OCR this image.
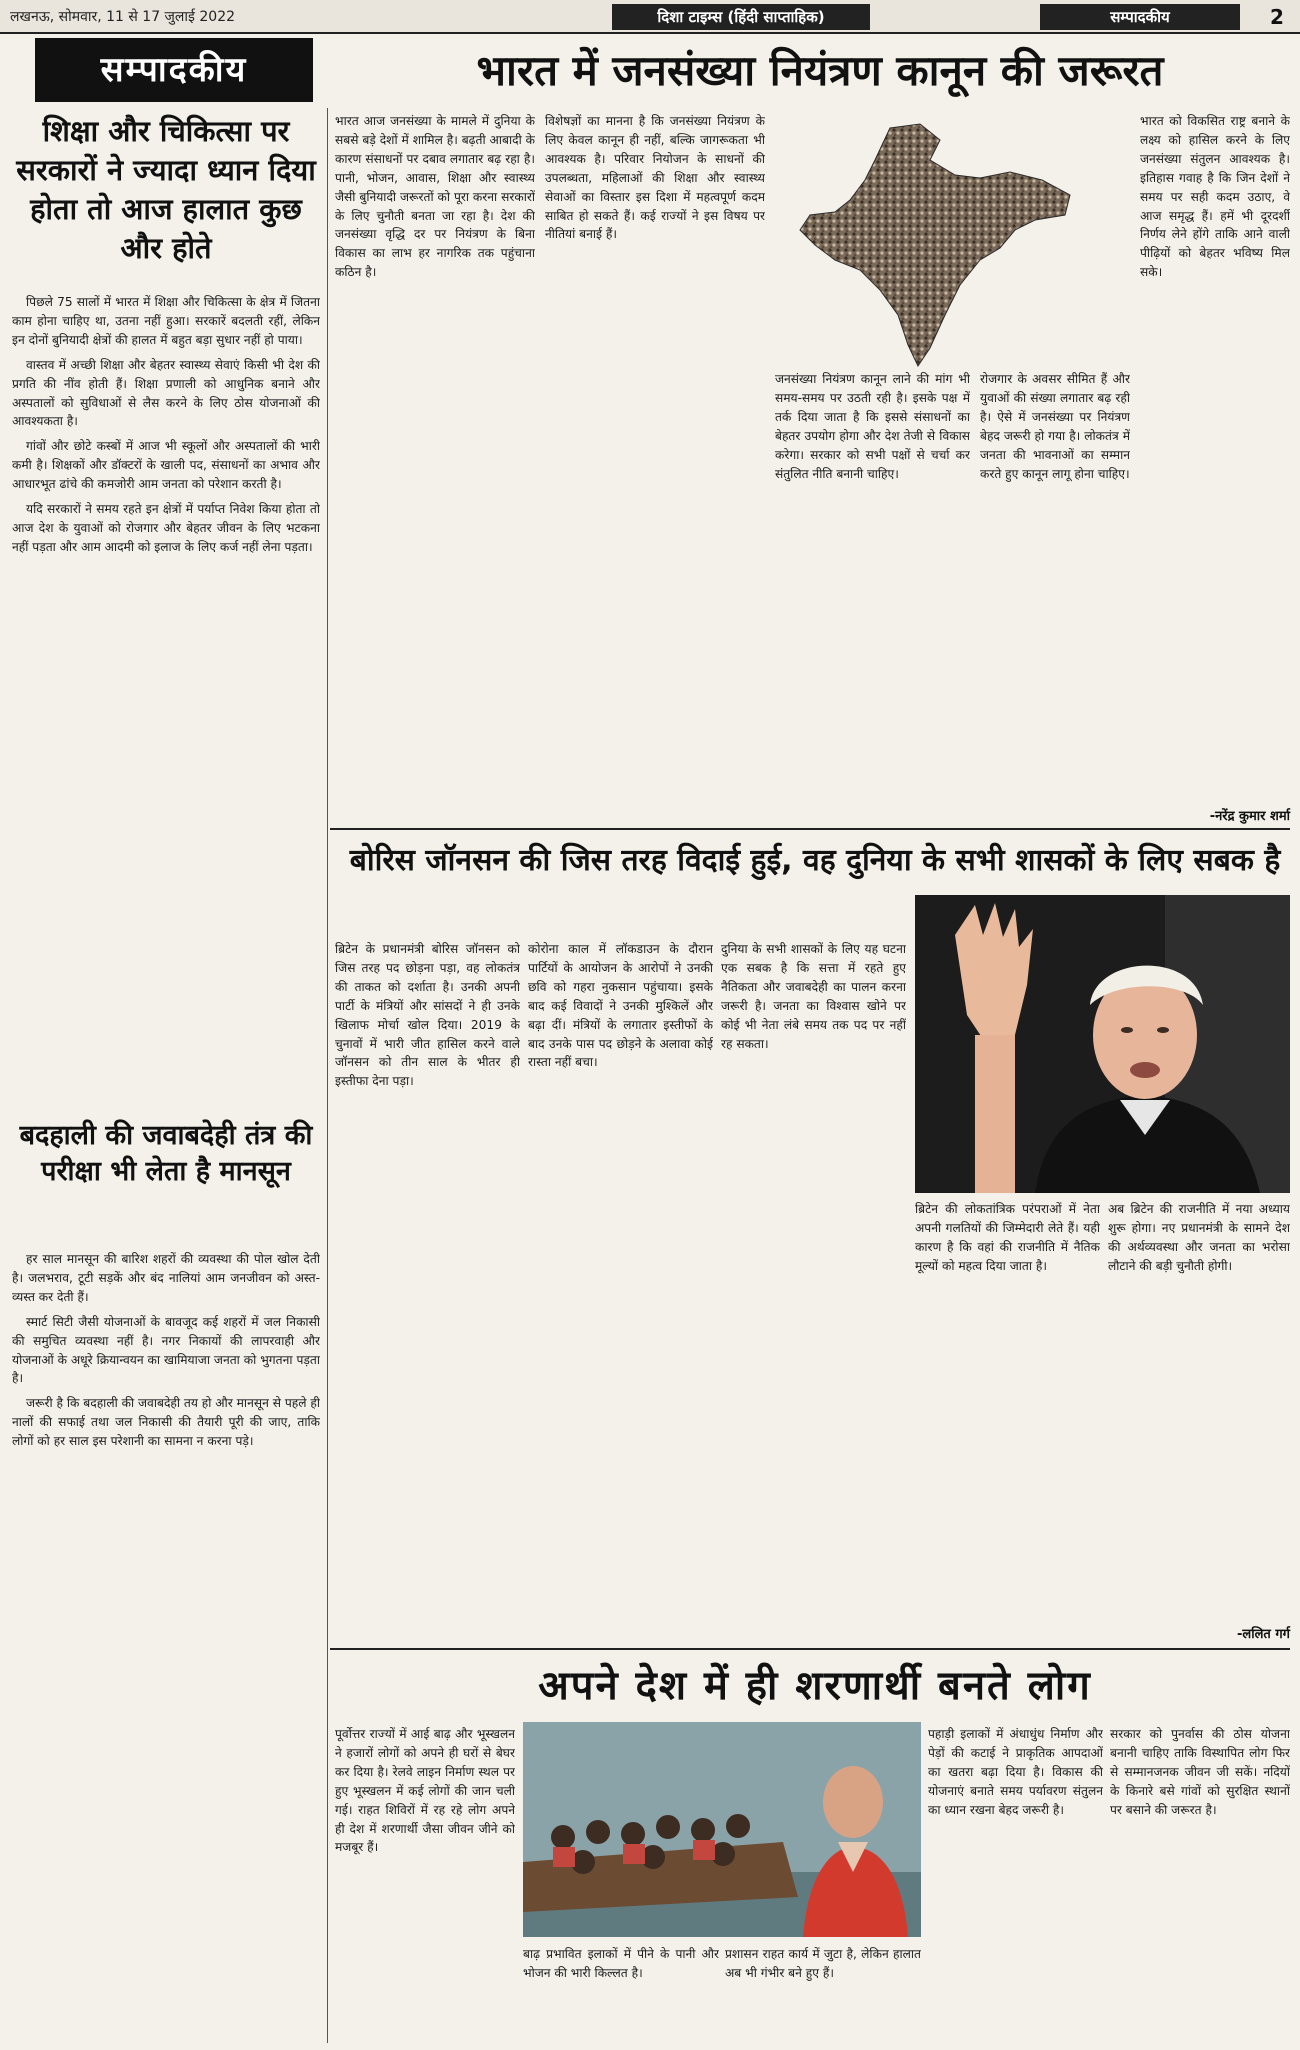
लखनऊ, सोमवार, 11 से 17 जुलाई 2022	दिशा टाइम्स (हिंदी साप्ताहिक)	सम्पादकीय	2
सम्पादकीय	भारत में जनसंख्या नियंत्रण कानून की जरूरत
शिक्षा और चिकित्सा पर सरकारों ने ज्यादा ध्यान दिया होता तो आज हालात कुछ और होते

पिछले 75 सालों में भारत में शिक्षा और चिकित्सा के क्षेत्र में जितना काम होना चाहिए था, उतना नहीं हुआ। सरकारें बदलती रहीं, लेकिन इन दोनों बुनियादी क्षेत्रों की हालत में बहुत बड़ा सुधार नहीं हो पाया।

वास्तव में अच्छी शिक्षा और बेहतर स्वास्थ्य सेवाएं किसी भी देश की प्रगति की नींव होती हैं। शिक्षा प्रणाली को आधुनिक बनाने और अस्पतालों को सुविधाओं से लैस करने के लिए ठोस योजनाओं की आवश्यकता है।

गांवों और छोटे कस्बों में आज भी स्कूलों और अस्पतालों की भारी कमी है। शिक्षकों और डॉक्टरों के खाली पद, संसाधनों का अभाव और आधारभूत ढांचे की कमजोरी आम जनता को परेशान करती है।

यदि सरकारों ने समय रहते इन क्षेत्रों में पर्याप्त निवेश किया होता तो आज देश के युवाओं को रोजगार और बेहतर जीवन के लिए भटकना नहीं पड़ता और आम आदमी को इलाज के लिए कर्ज नहीं लेना पड़ता।

बदहाली की जवाबदेही तंत्र की परीक्षा भी लेता है मानसून

हर साल मानसून की बारिश शहरों की व्यवस्था की पोल खोल देती है। जलभराव, टूटी सड़कें और बंद नालियां आम जनजीवन को अस्त-व्यस्त कर देती हैं।

स्मार्ट सिटी जैसी योजनाओं के बावजूद कई शहरों में जल निकासी की समुचित व्यवस्था नहीं है। नगर निकायों की लापरवाही और योजनाओं के अधूरे क्रियान्वयन का खामियाजा जनता को भुगतना पड़ता है।

जरूरी है कि बदहाली की जवाबदेही तय हो और मानसून से पहले ही नालों की सफाई तथा जल निकासी की तैयारी पूरी की जाए, ताकि लोगों को हर साल इस परेशानी का सामना न करना पड़े।

भारत आज जनसंख्या के मामले में दुनिया के सबसे बड़े देशों में शामिल है। बढ़ती आबादी के कारण संसाधनों पर दबाव लगातार बढ़ रहा है। पानी, भोजन, आवास, शिक्षा और स्वास्थ्य जैसी बुनियादी जरूरतों को पूरा करना सरकारों के लिए चुनौती बनता जा रहा है। देश की जनसंख्या वृद्धि दर पर नियंत्रण के बिना विकास का लाभ हर नागरिक तक पहुंचाना कठिन है।
विशेषज्ञों का मानना है कि जनसंख्या नियंत्रण के लिए केवल कानून ही नहीं, बल्कि जागरूकता भी आवश्यक है। परिवार नियोजन के साधनों की उपलब्धता, महिलाओं की शिक्षा और स्वास्थ्य सेवाओं का विस्तार इस दिशा में महत्वपूर्ण कदम साबित हो सकते हैं। कई राज्यों ने इस विषय पर नीतियां बनाई हैं।
जनसंख्या नियंत्रण कानून लाने की मांग भी समय-समय पर उठती रही है। इसके पक्ष में तर्क दिया जाता है कि इससे संसाधनों का बेहतर उपयोग होगा और देश तेजी से विकास करेगा। सरकार को सभी पक्षों से चर्चा कर संतुलित नीति बनानी चाहिए।
रोजगार के अवसर सीमित हैं और युवाओं की संख्या लगातार बढ़ रही है। ऐसे में जनसंख्या पर नियंत्रण बेहद जरूरी हो गया है। लोकतंत्र में जनता की भावनाओं का सम्मान करते हुए कानून लागू होना चाहिए।
भारत को विकसित राष्ट्र बनाने के लक्ष्य को हासिल करने के लिए जनसंख्या संतुलन आवश्यक है। इतिहास गवाह है कि जिन देशों ने समय पर सही कदम उठाए, वे आज समृद्ध हैं। हमें भी दूरदर्शी निर्णय लेने होंगे ताकि आने वाली पीढ़ियों को बेहतर भविष्य मिल सके।
-नरेंद्र कुमार शर्मा
बोरिस जॉनसन की जिस तरह विदाई हुई, वह दुनिया के सभी शासकों के लिए सबक है
ब्रिटेन के प्रधानमंत्री बोरिस जॉनसन को जिस तरह पद छोड़ना पड़ा, वह लोकतंत्र की ताकत को दर्शाता है। उनकी अपनी पार्टी के मंत्रियों और सांसदों ने ही उनके खिलाफ मोर्चा खोल दिया। 2019 के चुनावों में भारी जीत हासिल करने वाले जॉनसन को तीन साल के भीतर ही इस्तीफा देना पड़ा।
कोरोना काल में लॉकडाउन के दौरान पार्टियों के आयोजन के आरोपों ने उनकी छवि को गहरा नुकसान पहुंचाया। इसके बाद कई विवादों ने उनकी मुश्किलें और बढ़ा दीं। मंत्रियों के लगातार इस्तीफों के बाद उनके पास पद छोड़ने के अलावा कोई रास्ता नहीं बचा।
दुनिया के सभी शासकों के लिए यह घटना एक सबक है कि सत्ता में रहते हुए नैतिकता और जवाबदेही का पालन करना जरूरी है। जनता का विश्वास खोने पर कोई भी नेता लंबे समय तक पद पर नहीं रह सकता।
ब्रिटेन की लोकतांत्रिक परंपराओं में नेता अपनी गलतियों की जिम्मेदारी लेते हैं। यही कारण है कि वहां की राजनीति में नैतिक मूल्यों को महत्व दिया जाता है।
अब ब्रिटेन की राजनीति में नया अध्याय शुरू होगा। नए प्रधानमंत्री के सामने देश की अर्थव्यवस्था और जनता का भरोसा लौटाने की बड़ी चुनौती होगी।
-ललित गर्ग
अपने देश में ही शरणार्थी बनते लोग
पूर्वोत्तर राज्यों में आई बाढ़ और भूस्खलन ने हजारों लोगों को अपने ही घरों से बेघर कर दिया है। रेलवे लाइन निर्माण स्थल पर हुए भूस्खलन में कई लोगों की जान चली गई। राहत शिविरों में रह रहे लोग अपने ही देश में शरणार्थी जैसा जीवन जीने को मजबूर हैं।
बाढ़ प्रभावित इलाकों में पीने के पानी और भोजन की भारी किल्लत है।
प्रशासन राहत कार्य में जुटा है, लेकिन हालात अब भी गंभीर बने हुए हैं।
पहाड़ी इलाकों में अंधाधुंध निर्माण और पेड़ों की कटाई ने प्राकृतिक आपदाओं का खतरा बढ़ा दिया है। विकास की योजनाएं बनाते समय पर्यावरण संतुलन का ध्यान रखना बेहद जरूरी है।
सरकार को पुनर्वास की ठोस योजना बनानी चाहिए ताकि विस्थापित लोग फिर से सम्मानजनक जीवन जी सकें। नदियों के किनारे बसे गांवों को सुरक्षित स्थानों पर बसाने की जरूरत है।
